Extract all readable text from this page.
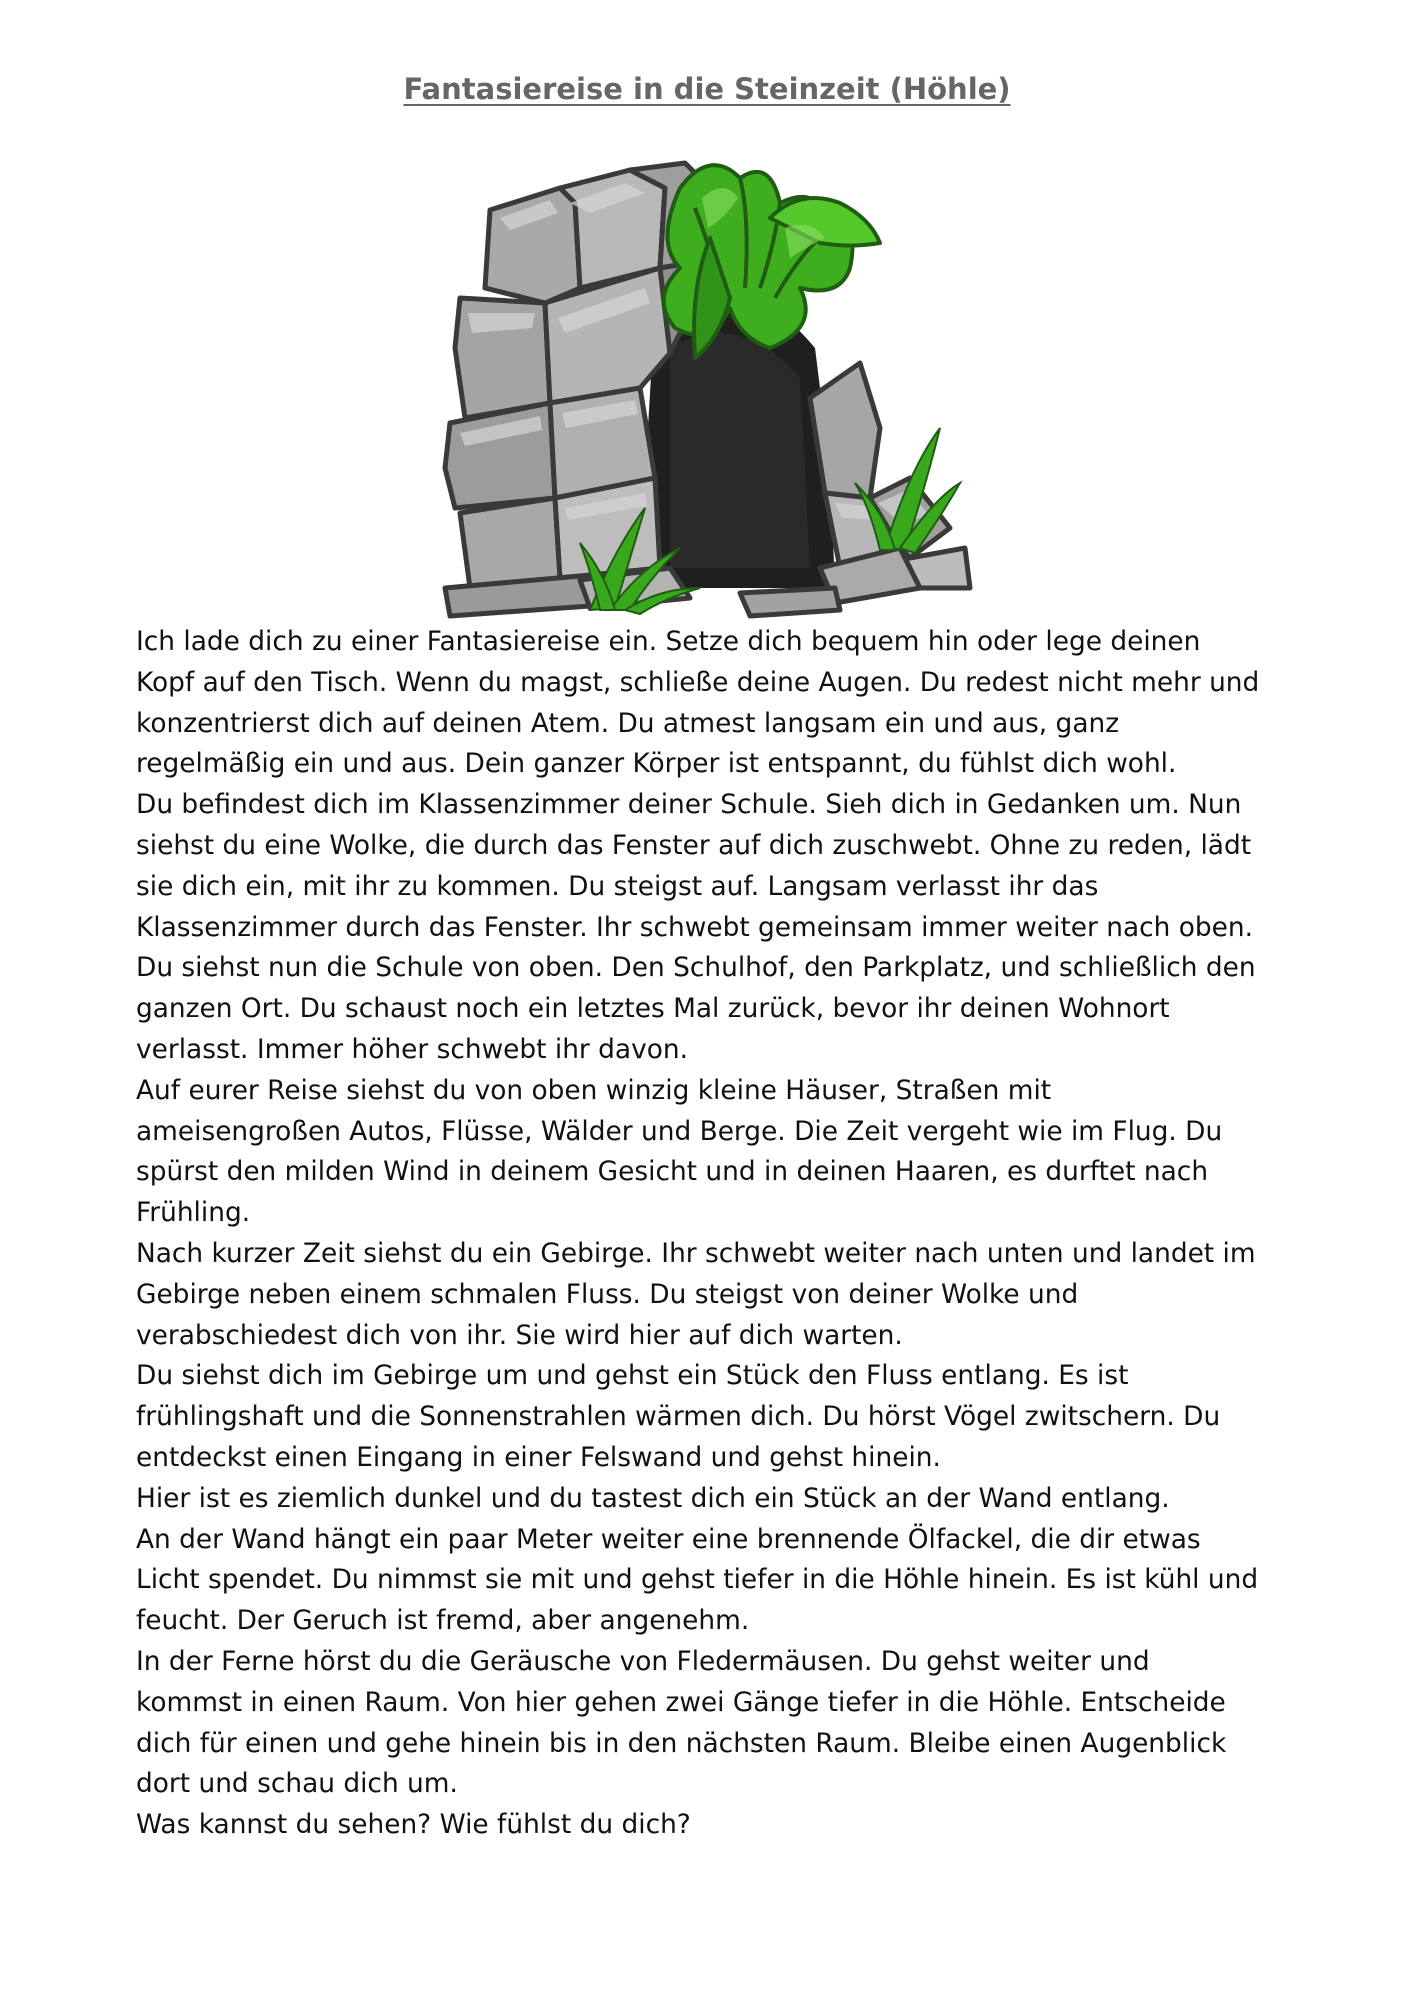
Fantasiereise in die Steinzeit (Höhle)

Ich lade dich zu einer Fantasiereise ein. Setze dich bequem hin oder lege deinen

Kopf auf den Tisch. Wenn du magst, schließe deine Augen. Du redest nicht mehr und

konzentrierst dich auf deinen Atem. Du atmest langsam ein und aus, ganz

regelmäßig ein und aus. Dein ganzer Körper ist entspannt, du fühlst dich wohl.

Du befindest dich im Klassenzimmer deiner Schule. Sieh dich in Gedanken um. Nun

siehst du eine Wolke, die durch das Fenster auf dich zuschwebt. Ohne zu reden, lädt

sie dich ein, mit ihr zu kommen. Du steigst auf. Langsam verlasst ihr das

Klassenzimmer durch das Fenster. Ihr schwebt gemeinsam immer weiter nach oben.

Du siehst nun die Schule von oben. Den Schulhof, den Parkplatz, und schließlich den

ganzen Ort. Du schaust noch ein letztes Mal zurück, bevor ihr deinen Wohnort

verlasst. Immer höher schwebt ihr davon.

Auf eurer Reise siehst du von oben winzig kleine Häuser, Straßen mit

ameisengroßen Autos, Flüsse, Wälder und Berge. Die Zeit vergeht wie im Flug. Du

spürst den milden Wind in deinem Gesicht und in deinen Haaren, es durftet nach

Frühling.

Nach kurzer Zeit siehst du ein Gebirge. Ihr schwebt weiter nach unten und landet im

Gebirge neben einem schmalen Fluss. Du steigst von deiner Wolke und

verabschiedest dich von ihr. Sie wird hier auf dich warten.

Du siehst dich im Gebirge um und gehst ein Stück den Fluss entlang. Es ist

frühlingshaft und die Sonnenstrahlen wärmen dich. Du hörst Vögel zwitschern. Du

entdeckst einen Eingang in einer Felswand und gehst hinein.

Hier ist es ziemlich dunkel und du tastest dich ein Stück an der Wand entlang.

An der Wand hängt ein paar Meter weiter eine brennende Ölfackel, die dir etwas

Licht spendet. Du nimmst sie mit und gehst tiefer in die Höhle hinein. Es ist kühl und

feucht. Der Geruch ist fremd, aber angenehm.

In der Ferne hörst du die Geräusche von Fledermäusen. Du gehst weiter und

kommst in einen Raum. Von hier gehen zwei Gänge tiefer in die Höhle. Entscheide

dich für einen und gehe hinein bis in den nächsten Raum. Bleibe einen Augenblick

dort und schau dich um.

Was kannst du sehen? Wie fühlst du dich?
